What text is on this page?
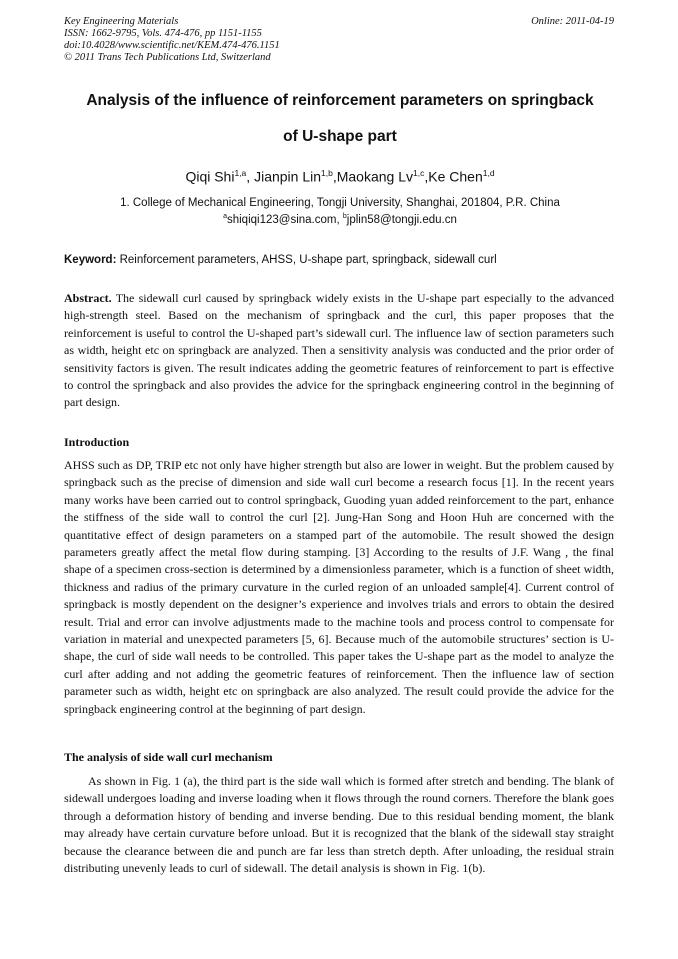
Key Engineering Materials
ISSN: 1662-9795, Vols. 474-476, pp 1151-1155
doi:10.4028/www.scientific.net/KEM.474-476.1151
© 2011 Trans Tech Publications Ltd, Switzerland
Online: 2011-04-19
Analysis of the influence of reinforcement parameters on springback
of U-shape part
Qiqi Shi$^{1,a}$, Jianpin Lin$^{1,b}$,Maokang Lv$^{1,c}$,Ke Chen$^{1,d}$
1. College of Mechanical Engineering, Tongji University, Shanghai, 201804, P.R. China
$^a$shiqiqi123@sina.com, $^b$jplin58@tongji.edu.cn
Keyword: Reinforcement parameters, AHSS, U-shape part, springback, sidewall curl
Abstract. The sidewall curl caused by springback widely exists in the U-shape part especially to the advanced high-strength steel. Based on the mechanism of springback and the curl, this paper proposes that the reinforcement is useful to control the U-shaped part’s sidewall curl. The influence law of section parameters such as width, height etc on springback are analyzed. Then a sensitivity analysis was conducted and the prior order of sensitivity factors is given. The result indicates adding the geometric features of reinforcement to part is effective to control the springback and also provides the advice for the springback engineering control in the beginning of part design.
Introduction
AHSS such as DP, TRIP etc not only have higher strength but also are lower in weight. But the problem caused by springback such as the precise of dimension and side wall curl become a research focus [1]. In the recent years many works have been carried out to control springback, Guoding yuan added reinforcement to the part, enhance the stiffness of the side wall to control the curl [2]. Jung-Han Song and Hoon Huh are concerned with the quantitative effect of design parameters on a stamped part of the automobile. The result showed the design parameters greatly affect the metal flow during stamping. [3] According to the results of J.F. Wang , the final shape of a specimen cross-section is determined by a dimensionless parameter, which is a function of sheet width, thickness and radius of the primary curvature in the curled region of an unloaded sample[4]. Current control of springback is mostly dependent on the designer’s experience and involves trials and errors to obtain the desired result. Trial and error can involve adjustments made to the machine tools and process control to compensate for variation in material and unexpected parameters [5, 6]. Because much of the automobile structures’ section is U-shape, the curl of side wall needs to be controlled. This paper takes the U-shape part as the model to analyze the curl after adding and not adding the geometric features of reinforcement. Then the influence law of section parameter such as width, height etc on springback are also analyzed. The result could provide the advice for the springback engineering control at the beginning of part design.
The analysis of side wall curl mechanism
As shown in Fig. 1 (a), the third part is the side wall which is formed after stretch and bending. The blank of sidewall undergoes loading and inverse loading when it flows through the round corners. Therefore the blank goes through a deformation history of bending and inverse bending. Due to this residual bending moment, the blank may already have certain curvature before unload. But it is recognized that the blank of the sidewall stay straight because the clearance between die and punch are far less than stretch depth. After unloading, the residual strain distributing unevenly leads to curl of sidewall. The detail analysis is shown in Fig. 1(b).
